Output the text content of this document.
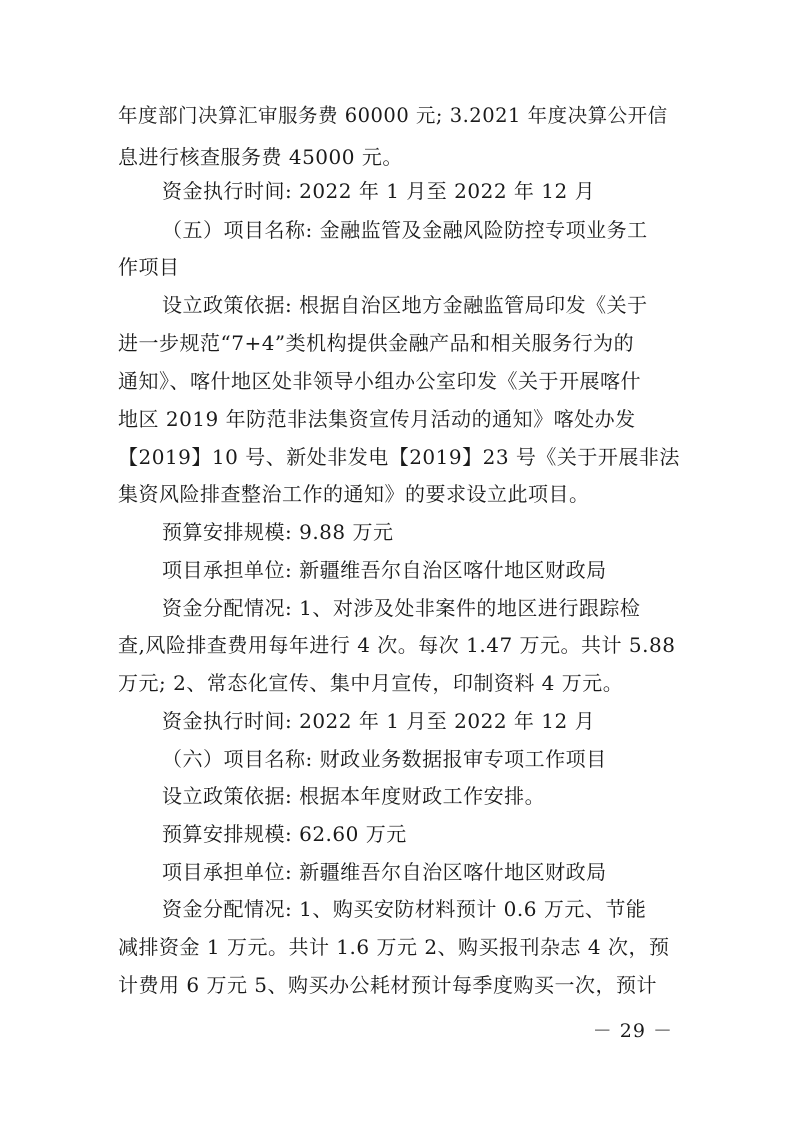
年度部门决算汇审服务费 60000 元; 3.2021 年度决算公开信
息进行核查服务费 45000 元。
资金执行时间: 2022 年 1 月至 2022 年 12 月
（五）项目名称: 金融监管及金融风险防控专项业务工
作项目
设立政策依据: 根据自治区地方金融监管局印发《关于
进一步规范“7+4”类机构提供金融产品和相关服务行为的
通知》、喀什地区处非领导小组办公室印发《关于开展喀什
地区 2019 年防范非法集资宣传月活动的通知》喀处办发
【2019】10 号、新处非发电【2019】23 号《关于开展非法
集资风险排查整治工作的通知》的要求设立此项目。
预算安排规模: 9.88 万元
项目承担单位: 新疆维吾尔自治区喀什地区财政局
资金分配情况: 1、对涉及处非案件的地区进行跟踪检
查,风险排查费用每年进行 4 次。每次 1.47 万元。共计 5.88
万元; 2、常态化宣传、集中月宣传，印制资料 4 万元。
资金执行时间: 2022 年 1 月至 2022 年 12 月
（六）项目名称: 财政业务数据报审专项工作项目
设立政策依据: 根据本年度财政工作安排。
预算安排规模: 62.60 万元
项目承担单位: 新疆维吾尔自治区喀什地区财政局
资金分配情况: 1、购买安防材料预计 0.6 万元、节能
减排资金 1 万元。共计 1.6 万元 2、购买报刊杂志 4 次，预
计费用 6 万元 5、购买办公耗材预计每季度购买一次，预计
－ 29 －
